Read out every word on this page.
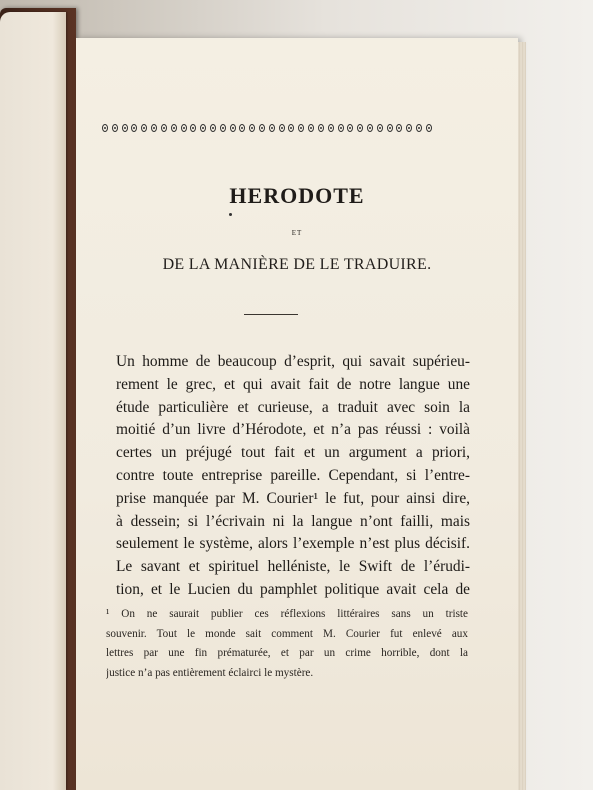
HERODOTE
ET
DE LA MANIÈRE DE LE TRADUIRE.
Un homme de beaucoup d’esprit, qui savait supérieu-
rement le grec, et qui avait fait de notre langue une
étude particulière et curieuse, a traduit avec soin la
moitié d’un livre d’Hérodote, et n’a pas réussi : voilà
certes un préjugé tout fait et un argument a priori,
contre toute entreprise pareille. Cependant, si l’entre-
prise manquée par M. Courier¹ le fut, pour ainsi dire,
à dessein; si l’écrivain ni la langue n’ont failli, mais
seulement le système, alors l’exemple n’est plus décisif.
Le savant et spirituel helléniste, le Swift de l’érudi-
tion, et le Lucien du pamphlet politique avait cela de
¹ On ne saurait publier ces réflexions littéraires sans un triste
souvenir. Tout le monde sait comment M. Courier fut enlevé aux
lettres par une fin prématurée, et par un crime horrible, dont la
justice n’a pas entièrement éclairci le mystère.
